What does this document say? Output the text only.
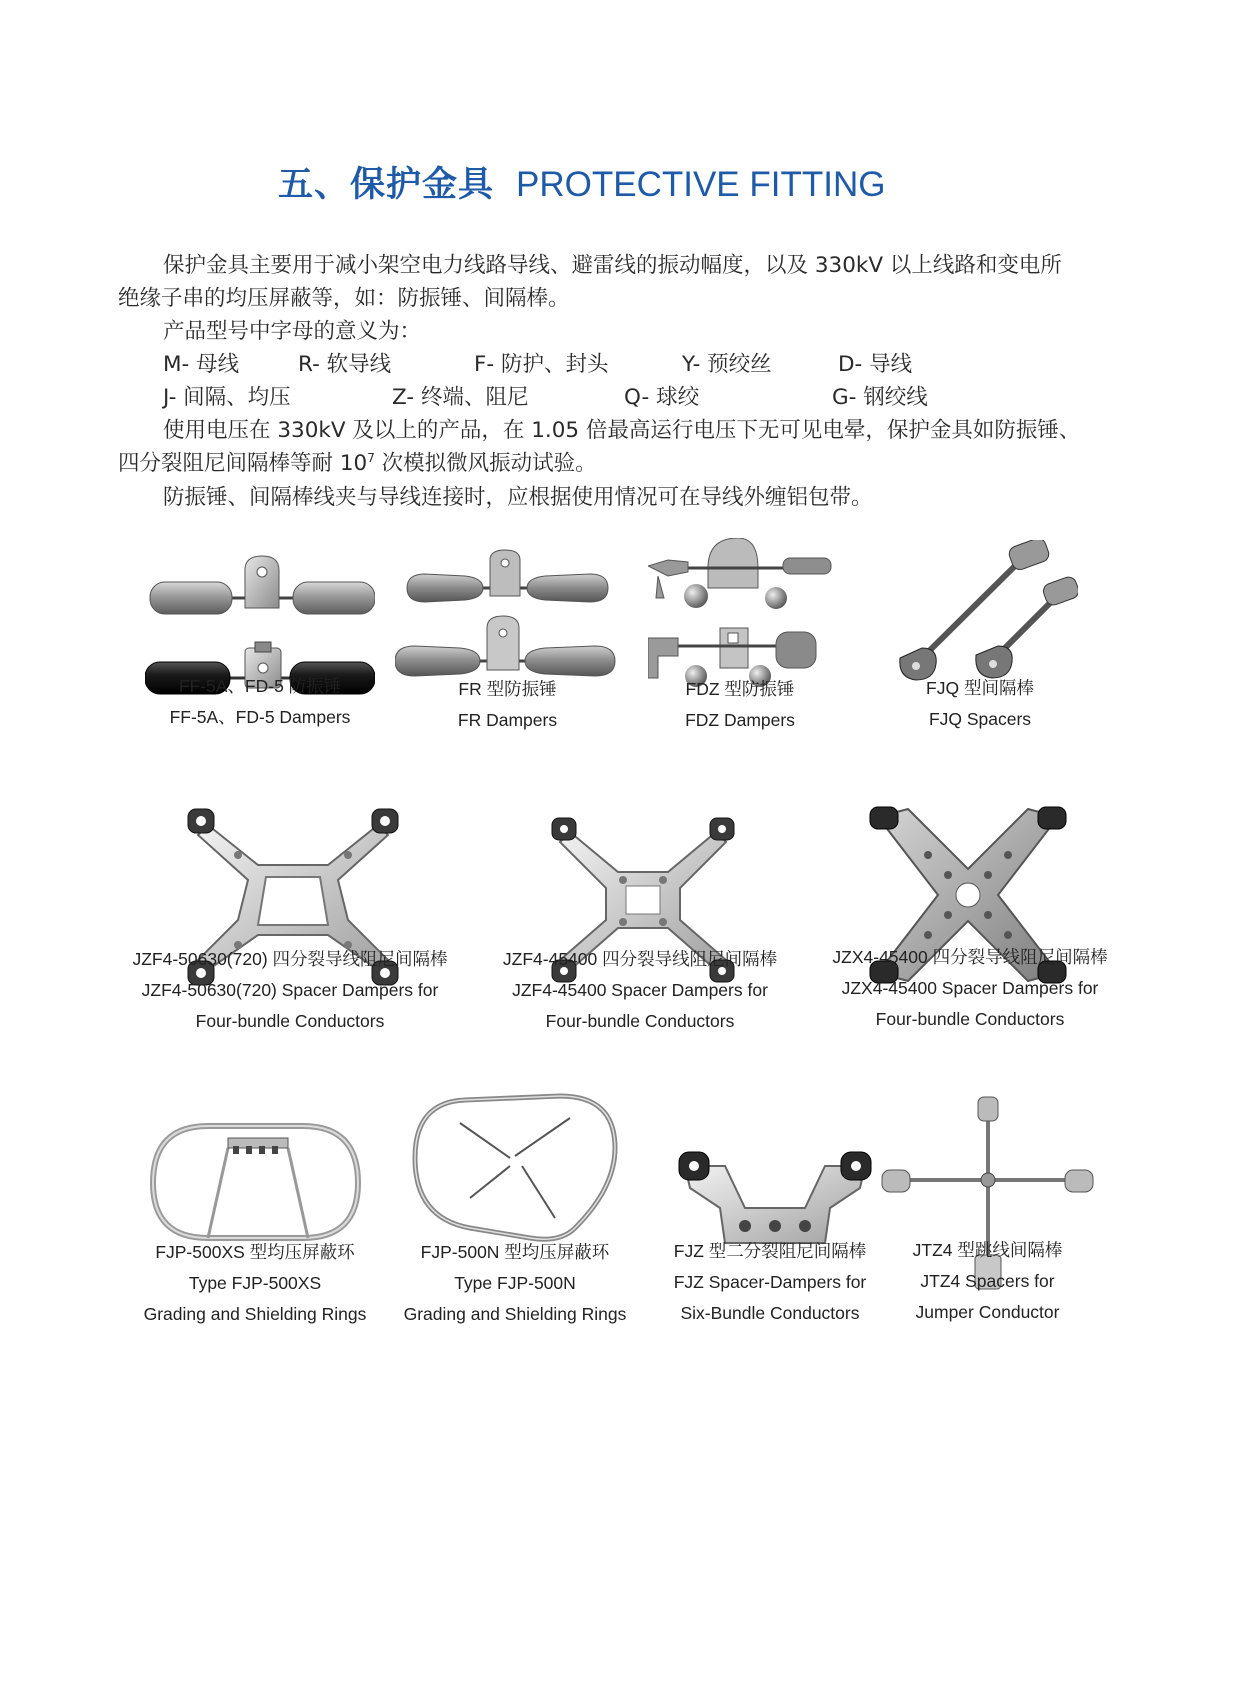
五、保护金具 PROTECTIVE FITTING
保护金具主要用于减小架空电力线路导线、避雷线的振动幅度，以及 330kV 以上线路和变电所
绝缘子串的均压屏蔽等，如：防振锤、间隔棒。
产品型号中字母的意义为：
M- 母线	R- 软导线	F- 防护、封头	Y- 预绞丝	D- 导线
J- 间隔、均压	Z- 终端、阻尼	Q- 球绞	G- 钢绞线
使用电压在 330kV 及以上的产品，在 1.05 倍最高运行电压下无可见电晕，保护金具如防振锤、
四分裂阻尼间隔棒等耐 $10^7$ 次模拟微风振动试验。
防振锤、间隔棒线夹与导线连接时，应根据使用情况可在导线外缠铝包带。
FF-5A、FD-5 防振锤
FF-5A、FD-5 Dampers
FR 型防振锤
FR Dampers
FDZ 型防振锤
FDZ Dampers
FJQ 型间隔棒
FJQ Spacers
JZF4-50630(720) 四分裂导线阻尼间隔棒
JZF4-50630(720) Spacer Dampers for
Four-bundle Conductors
JZF4-45400 四分裂导线阻尼间隔棒
JZF4-45400 Spacer Dampers for
Four-bundle Conductors
JZX4-45400 四分裂导线阻尼间隔棒
JZX4-45400 Spacer Dampers for
Four-bundle Conductors
FJP-500XS 型均压屏蔽环
Type FJP-500XS
Grading and Shielding Rings
FJP-500N 型均压屏蔽环
Type FJP-500N
Grading and Shielding Rings
FJZ 型二分裂阻尼间隔棒
FJZ Spacer-Dampers for
Six-Bundle Conductors
JTZ4 型跳线间隔棒
JTZ4 Spacers for
Jumper Conductor
